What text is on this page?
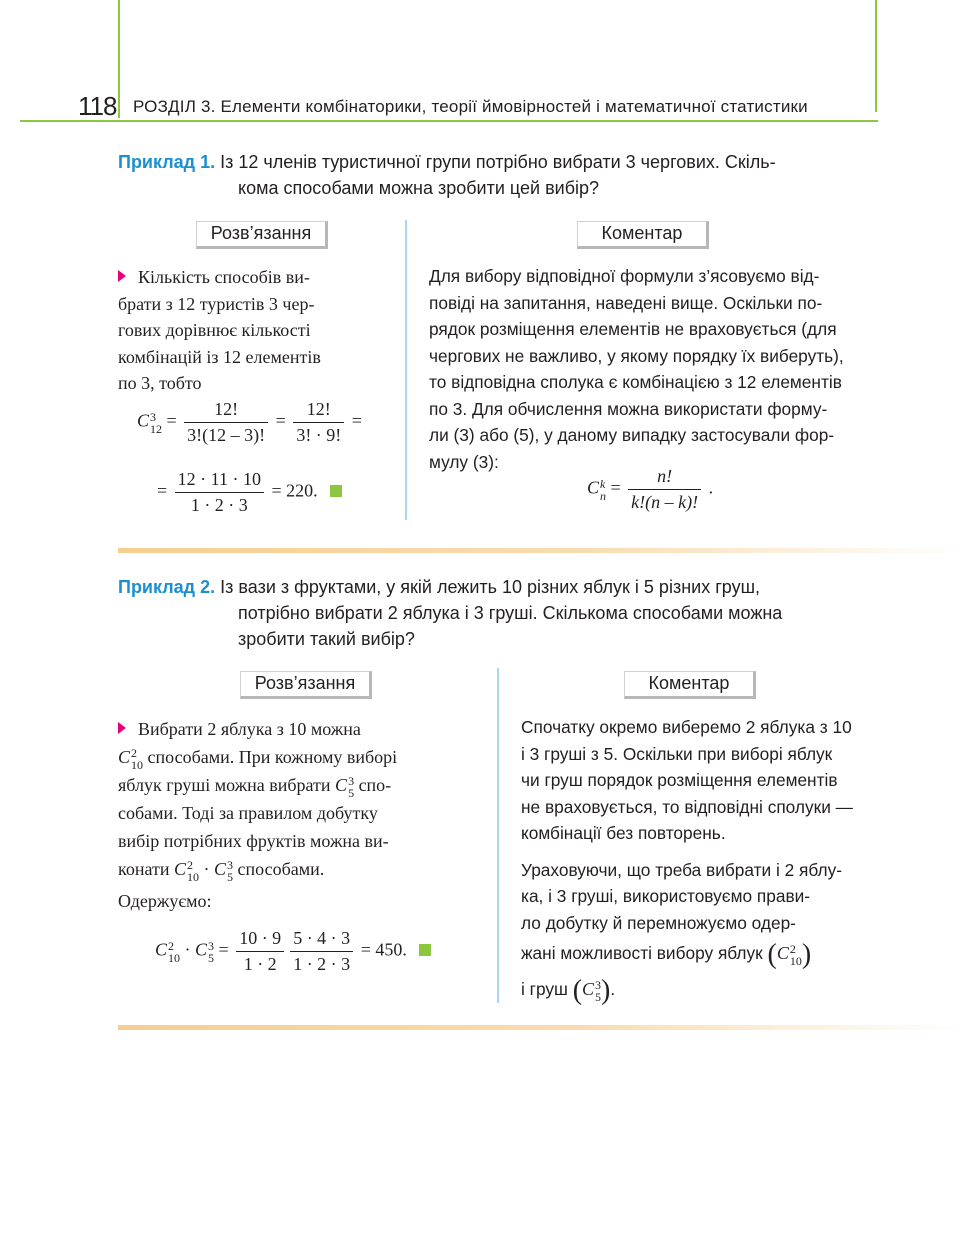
118 РОЗДІЛ 3. Елементи комбінаторики, теорії ймовірностей і математичної статистики
Приклад 1. Із 12 членів туристичної групи потрібно вибрати 3 чергових. Скіль-
кома способами можна зробити цей вибір?
Розв’язання	Коментар
Кількість способів ви-
брати з 12 туристів 3 чер-
гових дорівнює кількості
комбінацій із 12 елементів
по 3, тобто
C 3
$12 = \frac{12!}{3!(12 - 3)!} = \frac{12!}{3! \cdot 9!}$ =
= $\frac{12 \cdot 11 \cdot 10}{1 \cdot 2 \cdot 3} = 220$.
Для вибору відповідної формули з’ясовуємо від-
повіді на запитання, наведені вище. Оскільки по-
рядок розміщення елементів не враховується (для
чергових не важливо, у якому порядку їх виберуть),
то відповідна сполука є комбінацією з 12 елементів
по 3. Для обчислення можна використати форму-
ли (3) або (5), у даному випадку застосували фор-
мулу (3):
C k
$n = \frac{n!}{k!(n - k)!}$ .
Приклад 2. Із вази з фруктами, у якій лежить 10 різних яблук і 5 різних груш,
потрібно вибрати 2 яблука і 3 груші. Скількома способами можна
зробити такий вибір?
Розв’язання	Коментар
Вибрати 2 яблука з 10 можна
C 2
10 способами. При кожному виборі
яблук груші можна вибрати C 3
5 спо-
собами. Тоді за правилом добутку
вибір потрібних фруктів можна ви-
конати C 2
10 · C 3
5 способами.
Одержуємо:
C 2
10 · C 3
$5 = \frac{10 \cdot 9}{1 \cdot 2} \frac{5 \cdot 4 \cdot 3}{1 \cdot 2 \cdot 3} = 450$.
Спочатку окремо виберемо 2 яблука з 10
і 3 груші з 5. Оскільки при виборі яблук
чи груш порядок розміщення елементів
не враховується, то відповідні сполуки —
комбінації без повторень.
Ураховуючи, що треба вибрати і 2 яблу-
ка, і 3 груші, використовуємо прави-
ло добутку й перемножуємо одер-
жані можливості вибору яблук (C 2
10 )
і груш (C 3
5 ).
